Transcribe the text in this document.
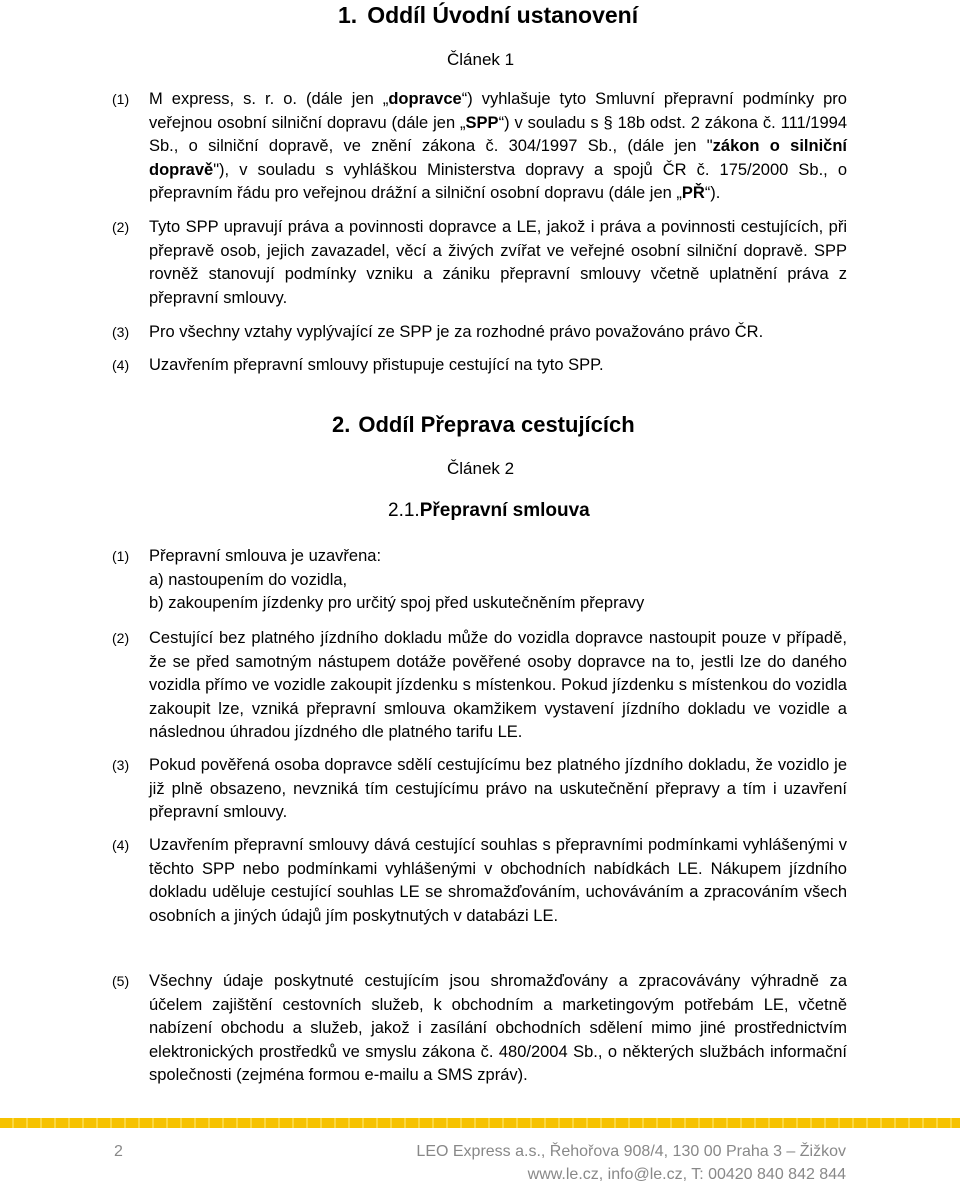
1. Oddíl Úvodní ustanovení
Článek 1
(1) M express, s. r. o. (dále jen „dopravce“) vyhlašuje tyto Smluvní přepravní podmínky pro veřejnou osobní silniční dopravu (dále jen „SPP“) v souladu s § 18b odst. 2 zákona č. 111/1994 Sb., o silniční dopravě, ve znění zákona č. 304/1997 Sb., (dále jen "zákon o silniční dopravě"), v souladu s vyhláškou Ministerstva dopravy a spojů ČR č. 175/2000 Sb., o přepravním řádu pro veřejnou drážní a silniční osobní dopravu (dále jen „PŘ“).
(2) Tyto SPP upravují práva a povinnosti dopravce a LE, jakož i práva a povinnosti cestujících, při přepravě osob, jejich zavazadel, věcí a živých zvířat ve veřejné osobní silniční dopravě. SPP rovněž stanovují podmínky vzniku a zániku přepravní smlouvy včetně uplatnění práva z přepravní smlouvy.
(3) Pro všechny vztahy vyplývající ze SPP je za rozhodné právo považováno právo ČR.
(4) Uzavřením přepravní smlouvy přistupuje cestující na tyto SPP.
2. Oddíl Přeprava cestujících
Článek 2
2.1.Přepravní smlouva
(1) Přepravní smlouva je uzavřena:
a) nastoupením do vozidla,
b) zakoupením jízdenky pro určitý spoj před uskutečněním přepravy
(2) Cestující bez platného jízdního dokladu může do vozidla dopravce nastoupit pouze v případě, že se před samotným nástupem dotáže pověřené osoby dopravce na to, jestli lze do daného vozidla přímo ve vozidle zakoupit jízdenku s místenkou. Pokud jízdenku s místenkou do vozidla zakoupit lze, vzniká přepravní smlouva okamžikem vystavení jízdního dokladu ve vozidle a následnou úhradou jízdného dle platného tarifu LE.
(3) Pokud pověřená osoba dopravce sdělí cestujícímu bez platného jízdního dokladu, že vozidlo je již plně obsazeno, nevzniká tím cestujícímu právo na uskutečnění přepravy a tím i uzavření přepravní smlouvy.
(4) Uzavřením přepravní smlouvy dává cestující souhlas s přepravními podmínkami vyhlášenými v těchto SPP nebo podmínkami vyhlášenými v obchodních nabídkách LE. Nákupem jízdního dokladu uděluje cestující souhlas LE se shromažďováním, uchováváním a zpracováním všech osobních a jiných údajů jím poskytnutých v databázi LE.
(5) Všechny údaje poskytnuté cestujícím jsou shromažďovány a zpracovávány výhradně za účelem zajištění cestovních služeb, k obchodním a marketingovým potřebám LE, včetně nabízení obchodu a služeb, jakož i zasílání obchodních sdělení mimo jiné prostřednictvím elektronických prostředků ve smyslu zákona č. 480/2004 Sb., o některých službách informační společnosti (zejména formou e-mailu a SMS zpráv).
2	LEO Express a.s., Řehořova 908/4, 130 00 Praha 3 – Žižkov
www.le.cz, info@le.cz, T: 00420 840 842 844
